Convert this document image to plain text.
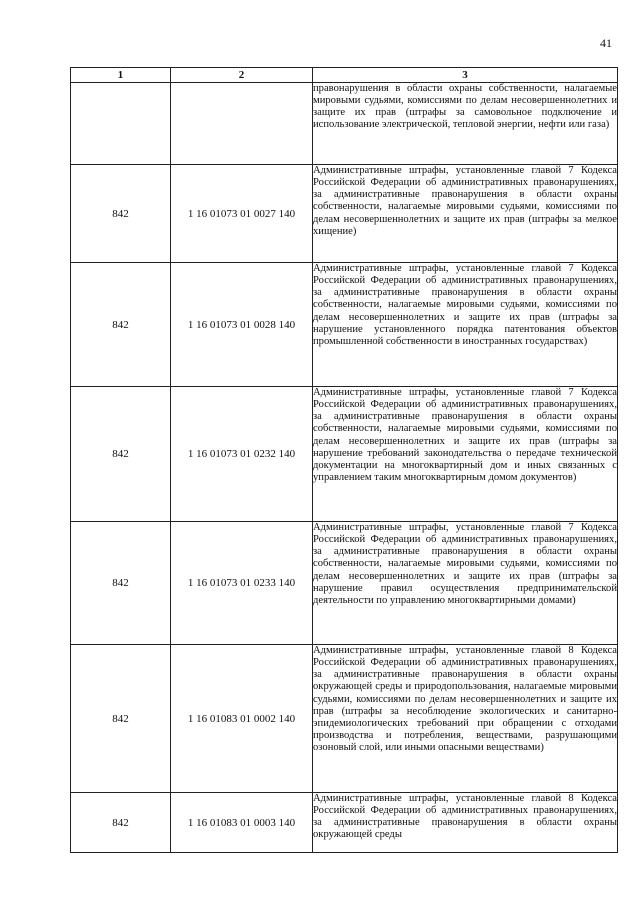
41
1	2	3

		правонарушения в области охраны собственности, налагаемые мировыми судьями, комиссиями по делам несовершеннолетних и защите их прав (штрафы за самовольное подключение и использование электрической, тепловой энергии, нефти или газа)

842	1 16 01073 01 0027 140	Административные штрафы, установленные главой 7 Кодекса Российской Федерации об административных правонарушениях, за административные правонарушения в области охраны собственности, налагаемые мировыми судьями, комиссиями по делам несовершеннолетних и защите их прав (штрафы за мелкое хищение)

842	1 16 01073 01 0028 140	Административные штрафы, установленные главой 7 Кодекса Российской Федерации об административных правонарушениях, за административные правонарушения в области охраны собственности, налагаемые мировыми судьями, комиссиями по делам несовершеннолетних и защите их прав (штрафы за нарушение установленного порядка патентования объектов промышленной собственности в иностранных государствах)

842	1 16 01073 01 0232 140	Административные штрафы, установленные главой 7 Кодекса Российской Федерации об административных правонарушениях, за административные правонарушения в области охраны собственности, налагаемые мировыми судьями, комиссиями по делам несовершеннолетних и защите их прав (штрафы за нарушение требований законодательства о передаче технической документации на многоквартирный дом и иных связанных с управлением таким многоквартирным домом документов)

842	1 16 01073 01 0233 140	Административные штрафы, установленные главой 7 Кодекса Российской Федерации об административных правонарушениях, за административные правонарушения в области охраны собственности, налагаемые мировыми судьями, комиссиями по делам несовершеннолетних и защите их прав (штрафы за нарушение правил осуществления предпринимательской деятельности по управлению многоквартирными домами)

842	1 16 01083 01 0002 140	Административные штрафы, установленные главой 8 Кодекса Российской Федерации об административных правонарушениях, за административные правонарушения в области охраны окружающей среды и природопользования, налагаемые мировыми судьями, комиссиями по делам несовершеннолетних и защите их прав (штрафы за несоблюдение экологических и санитарно-эпидемиологических требований при обращении с отходами производства и потребления, веществами, разрушающими озоновый слой, или иными опасными веществами)

842	1 16 01083 01 0003 140	Административные штрафы, установленные главой 8 Кодекса Российской Федерации об административных правонарушениях, за административные правонарушения в области охраны окружающей среды
